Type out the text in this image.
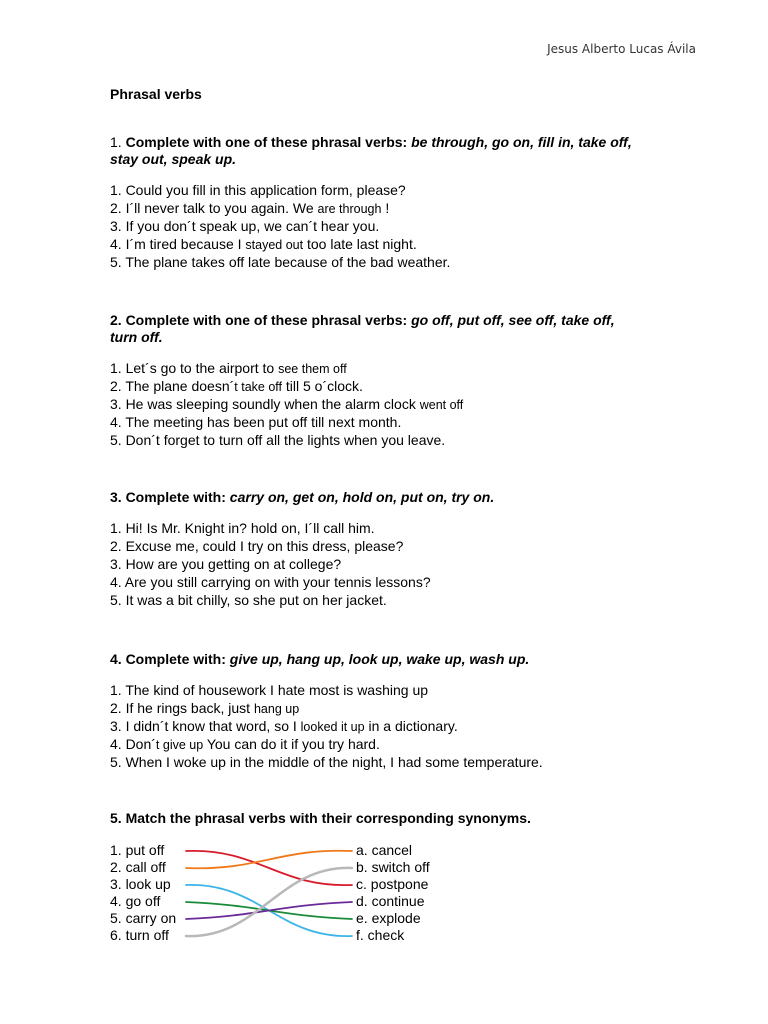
Jesus Alberto Lucas Ávila
Phrasal verbs
1. Complete with one of these phrasal verbs: be through, go on, fill in, take off,
stay out, speak up.
1. Could you fill in this application form, please?
2. I´ll never talk to you again. We are through !
3. If you don´t speak up, we can´t hear you.
4. I´m tired because I stayed out too late last night.
5. The plane takes off late because of the bad weather.
2. Complete with one of these phrasal verbs: go off, put off, see off, take off,
turn off.
1. Let´s go to the airport to see them off
2. The plane doesn´t take off till 5 o´clock.
3. He was sleeping soundly when the alarm clock went off
4. The meeting has been put off till next month.
5. Don´t forget to turn off all the lights when you leave.
3. Complete with: carry on, get on, hold on, put on, try on.
1. Hi! Is Mr. Knight in? hold on, I´ll call him.
2. Excuse me, could I try on this dress, please?
3. How are you getting on at college?
4. Are you still carrying on with your tennis lessons?
5. It was a bit chilly, so she put on her jacket.
4. Complete with: give up, hang up, look up, wake up, wash up.
1. The kind of housework I hate most is washing up
2. If he rings back, just hang up
3. I didn´t know that word, so I looked it up in a dictionary.
4. Don´t give up You can do it if you try hard.
5. When I woke up in the middle of the night, I had some temperature.
5. Match the phrasal verbs with their corresponding synonyms.
1. put off
2. call off
3. look up
4. go off
5. carry on
6. turn off
a. cancel
b. switch off
c. postpone
d. continue
e. explode
f. check
